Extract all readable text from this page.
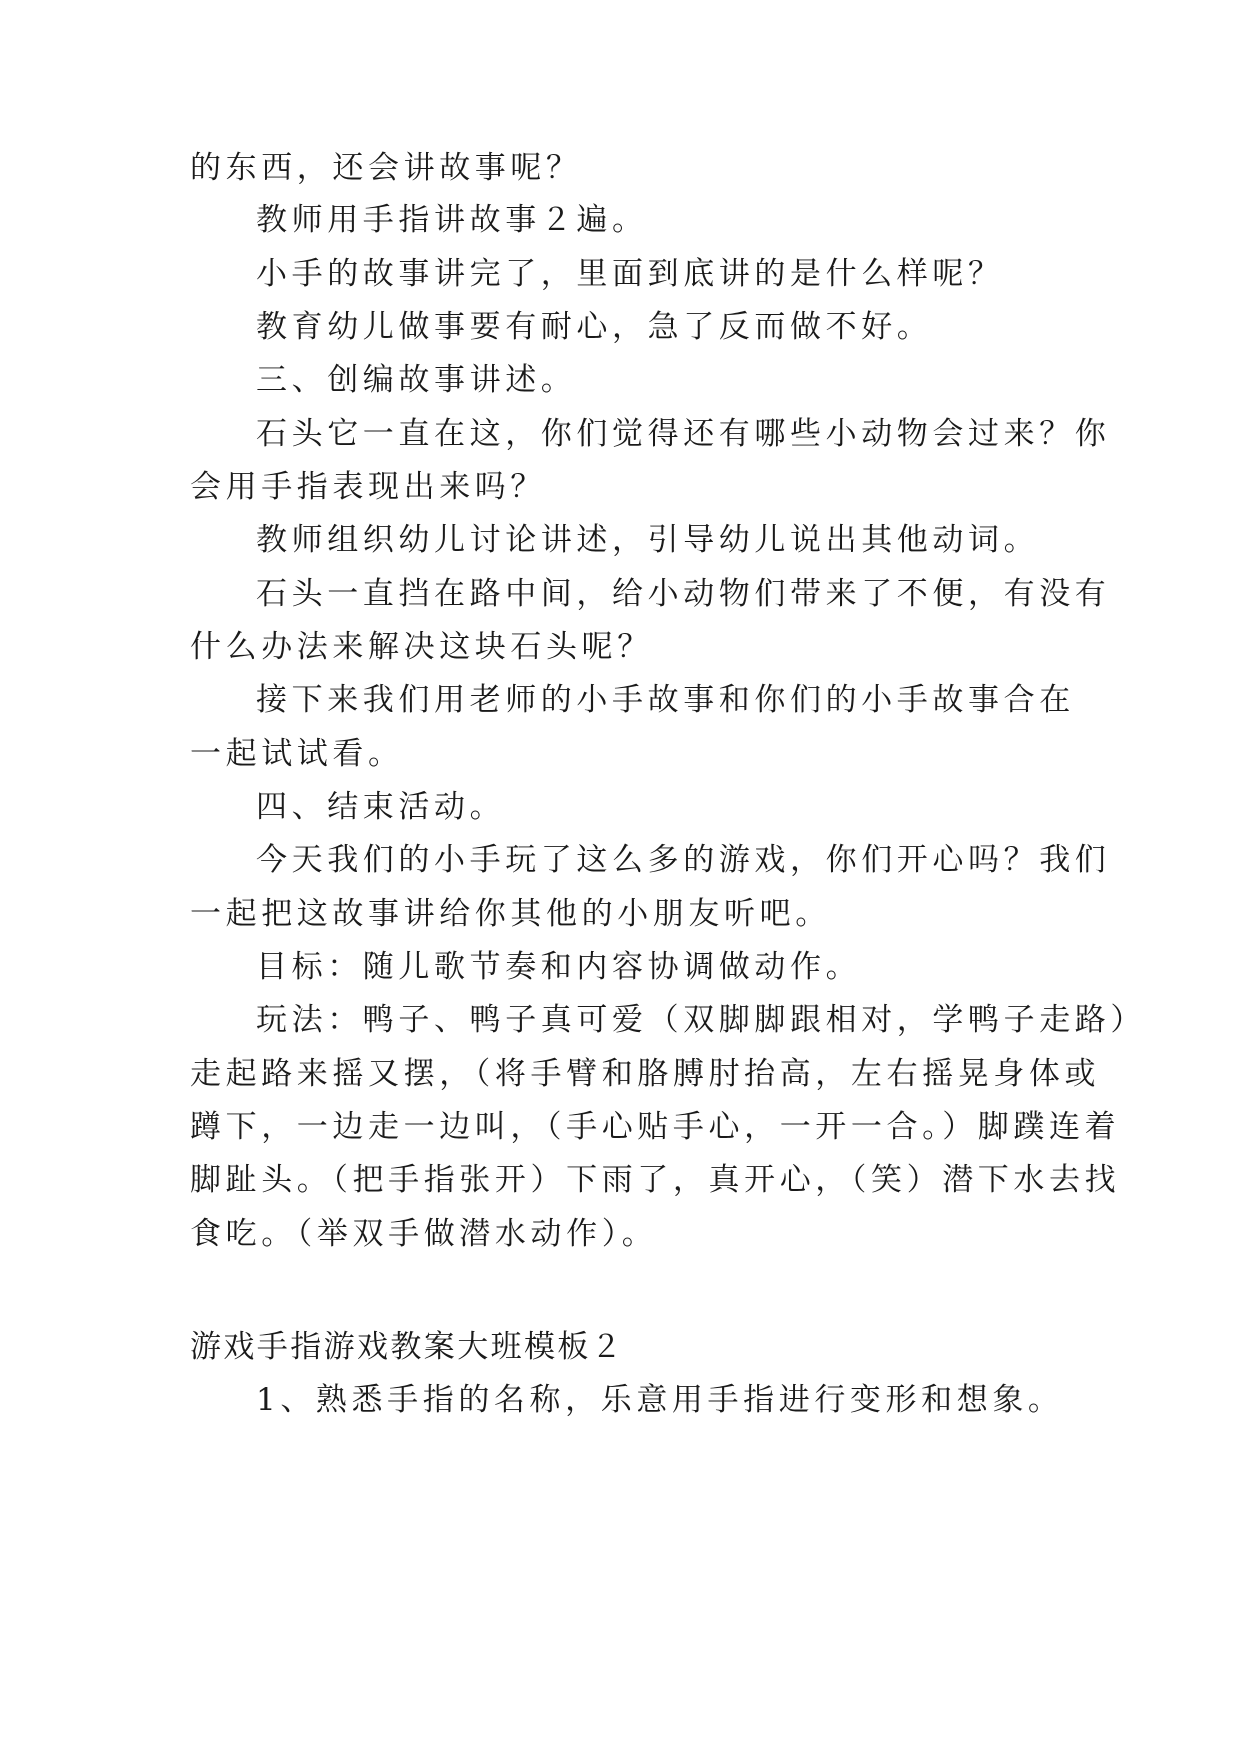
的东西，还会讲故事呢？
教师用手指讲故事２遍。
小手的故事讲完了，里面到底讲的是什么样呢？
教育幼儿做事要有耐心，急了反而做不好。
三、创编故事讲述。
石头它一直在这，你们觉得还有哪些小动物会过来？你
会用手指表现出来吗？
教师组织幼儿讨论讲述，引导幼儿说出其他动词。
石头一直挡在路中间，给小动物们带来了不便，有没有
什么办法来解决这块石头呢？
接下来我们用老师的小手故事和你们的小手故事合在
一起试试看。
四、结束活动。
今天我们的小手玩了这么多的游戏，你们开心吗？我们
一起把这故事讲给你其他的小朋友听吧。
目标：随儿歌节奏和内容协调做动作。
玩法：鸭子、鸭子真可爱（双脚脚跟相对，学鸭子走路）
走起路来摇又摆，（将手臂和胳膊肘抬高，左右摇晃身体或
蹲下，一边走一边叫，（手心贴手心，一开一合。）脚蹼连着
脚趾头。（把手指张开）下雨了，真开心，（笑）潜下水去找
食吃。（举双手做潜水动作）。
游戏手指游戏教案大班模板２
1、熟悉手指的名称，乐意用手指进行变形和想象。
